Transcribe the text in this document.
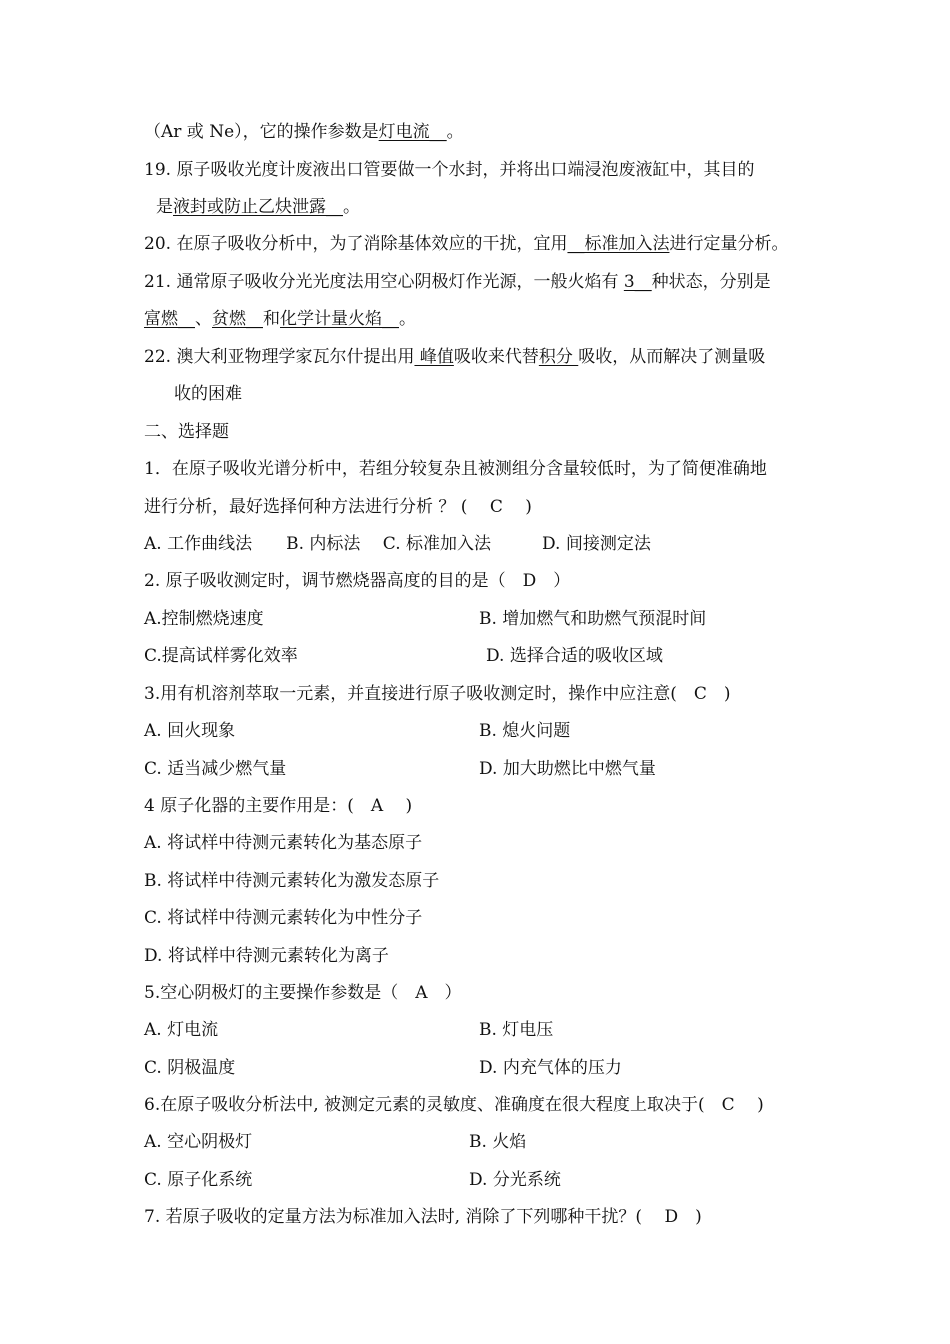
（Ar 或 Ne），它的操作参数是灯电流__。
19. 原子吸收光度计废液出口管要做一个水封，并将出口端浸泡废液缸中，其目的
是液封或防止乙炔泄露__。
20. 在原子吸收分析中，为了消除基体效应的干扰，宜用__标准加入法进行定量分析。
21. 通常原子吸收分光光度法用空心阴极灯作光源，一般火焰有 3__种状态，分别是
富燃__、贫燃__和化学计量火焰__。
22. 澳大利亚物理学家瓦尔什提出用 峰值吸收来代替积分 吸收，从而解决了测量吸
收的困难
二、选择题
1．在原子吸收光谱分析中，若组分较复杂且被测组分含量较低时，为了简便准确地
进行分析，最好选择何种方法进行分析 ？ (　 C 　)
A. 工作曲线法　　B. 内标法　 C. 标准加入法　　　D. 间接测定法
2. 原子吸收测定时，调节燃烧器高度的目的是（　D　）
A.控制燃烧速度	B. 增加燃气和助燃气预混时间
C.提高试样雾化效率	D. 选择合适的吸收区域
3.用有机溶剂萃取一元素，并直接进行原子吸收测定时，操作中应注意(　C　)
A. 回火现象	B. 熄火问题
C. 适当减少燃气量	D. 加大助燃比中燃气量
4 原子化器的主要作用是：(　A　 )
A. 将试样中待测元素转化为基态原子
B. 将试样中待测元素转化为激发态原子
C. 将试样中待测元素转化为中性分子
D. 将试样中待测元素转化为离子
5.空心阴极灯的主要操作参数是（　A　）
A. 灯电流	B. 灯电压
C. 阴极温度	D. 内充气体的压力
6.在原子吸收分析法中, 被测定元素的灵敏度、准确度在很大程度上取决于(　C　 )
A. 空心阴极灯	B. 火焰
C. 原子化系统	D. 分光系统
7. 若原子吸收的定量方法为标准加入法时, 消除了下列哪种干扰？(　 D　)
